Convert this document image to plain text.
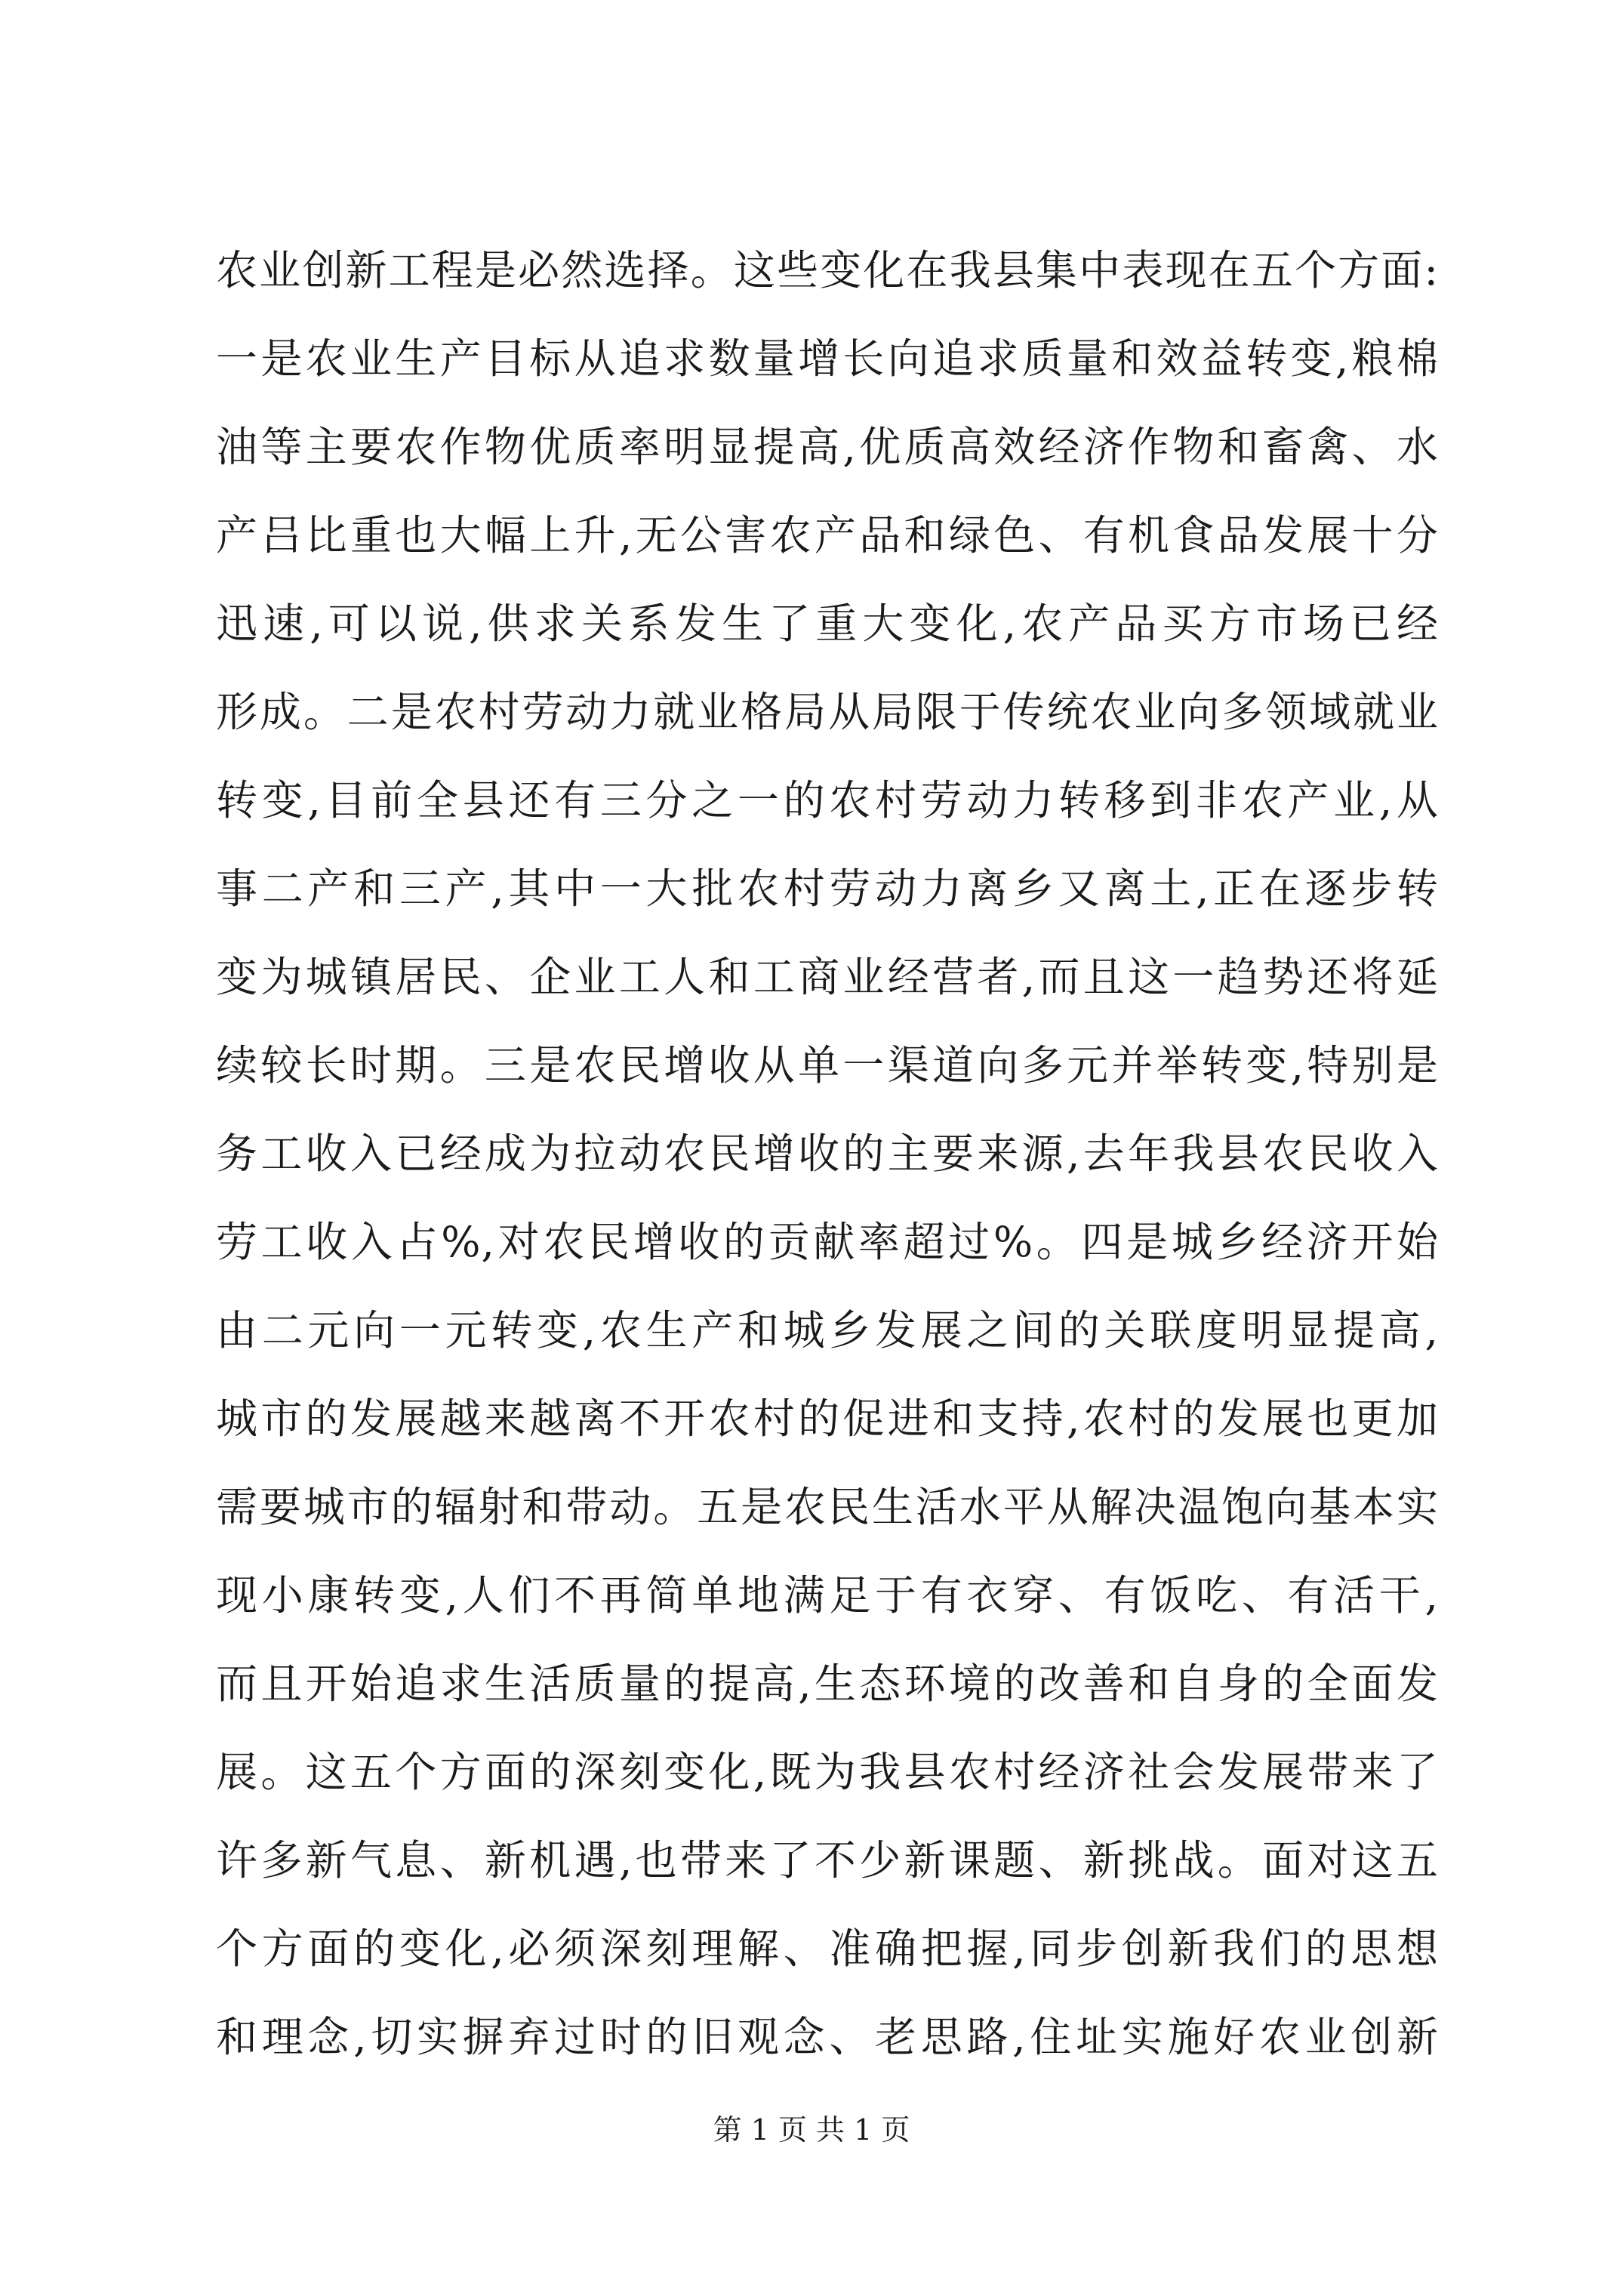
农业创新工程是必然选择。这些变化在我县集中表现在五个方面:
一是农业生产目标从追求数量增长向追求质量和效益转变,粮棉
油等主要农作物优质率明显提高,优质高效经济作物和畜禽、水
产吕比重也大幅上升,无公害农产品和绿色、有机食品发展十分
迅速,可以说,供求关系发生了重大变化,农产品买方市场已经
形成。二是农村劳动力就业格局从局限于传统农业向多领域就业
转变,目前全县还有三分之一的农村劳动力转移到非农产业,从
事二产和三产,其中一大批农村劳动力离乡又离土,正在逐步转
变为城镇居民、企业工人和工商业经营者,而且这一趋势还将延
续较长时期。三是农民增收从单一渠道向多元并举转变,特别是
务工收入已经成为拉动农民增收的主要来源,去年我县农民收入
劳工收入占%,对农民增收的贡献率超过%。四是城乡经济开始
由二元向一元转变,农生产和城乡发展之间的关联度明显提高,
城市的发展越来越离不开农村的促进和支持,农村的发展也更加
需要城市的辐射和带动。五是农民生活水平从解决温饱向基本实
现小康转变,人们不再简单地满足于有衣穿、有饭吃、有活干,
而且开始追求生活质量的提高,生态环境的改善和自身的全面发
展。这五个方面的深刻变化,既为我县农村经济社会发展带来了
许多新气息、新机遇,也带来了不少新课题、新挑战。面对这五
个方面的变化,必须深刻理解、准确把握,同步创新我们的思想
和理念,切实摒弃过时的旧观念、老思路,住址实施好农业创新
第 1 页 共 1 页
